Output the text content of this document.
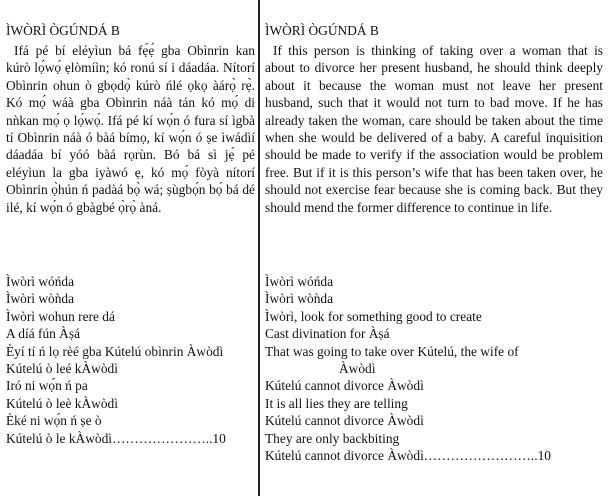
ÌWÒRÌ ÒGÚNDÁ B

Ifá pé bí eléyìun bá fẹ́ẹ́ gba Obìnrin kan kúrò lọ́wọ́ ẹlòmíìn; kó ronú sí i dáadáa. Nítorí Obìnrin ohun ò gbọdọ̀ kúrò ńlé ọkọ àárọ̀ rẹ̀. Kó mọ́ wáà gba Obìnrin náà tán kó mọ́ di nǹkan mọ́ ọ lọ́wọ́. Ifá pé kí wọ́n ó fura sí ìgbà tí Obìnrin náà ó bàá bímọ, kí wọ́n ó ṣe ìwádìí dáadáa bí yóó bàá rọrùn. Bó bá sì jẹ́ pé eléyìun la gba iyàwó ẹ, kó mọ́ fòyà nítorí Obìnrin ọ̀hún ń padàá bọ̀ wá; ṣùgbọ́n bọ́ bá dé ilé, kí wọ́n ó gbàgbé ọ̀rọ̀ àná.

Ìwòrì wóńda
Ìwòrì wòǹda
Ìwòrì wohun rere dá
A díá fún Àṣá
Èyí tí ń lọ rèé gba Kútelú obìnrin Àwòdì
Kútelú ò leé kÀwòdì
Iró ni wọ́n ń pa
Kútelú ò leè kÀwòdì
Èké ni wọ́n ń ṣe ò
Kútelú ò le kÀwòdì…………………..10
ÌWÒRÌ ÒGÚNDÁ B

If this person is thinking of taking over a woman that is about to divorce her present husband, he should think deeply about it because the woman must not leave her present husband, such that it would not turn to bad move. If he has already taken the woman, care should be taken about the time when she would be delivered of a baby. A careful inquisition should be made to verify if the association would be problem free. But if it is this person’s wife that has been taken over, he should not exercise fear because she is coming back. But they should mend the former difference to continue in life.

Ìwòrì wóńda
Ìwòrì wòǹda
Ìwòrì, look for something good to create
Cast divination for Àṣá
That was going to take over Kútelú, the wife of
Àwòdì
Kútelú cannot divorce Àwòdì
It is all lies they are telling
Kútelú cannot divorce Àwòdì
They are only backbiting
Kútelú cannot divorce Àwòdì……………………..10
